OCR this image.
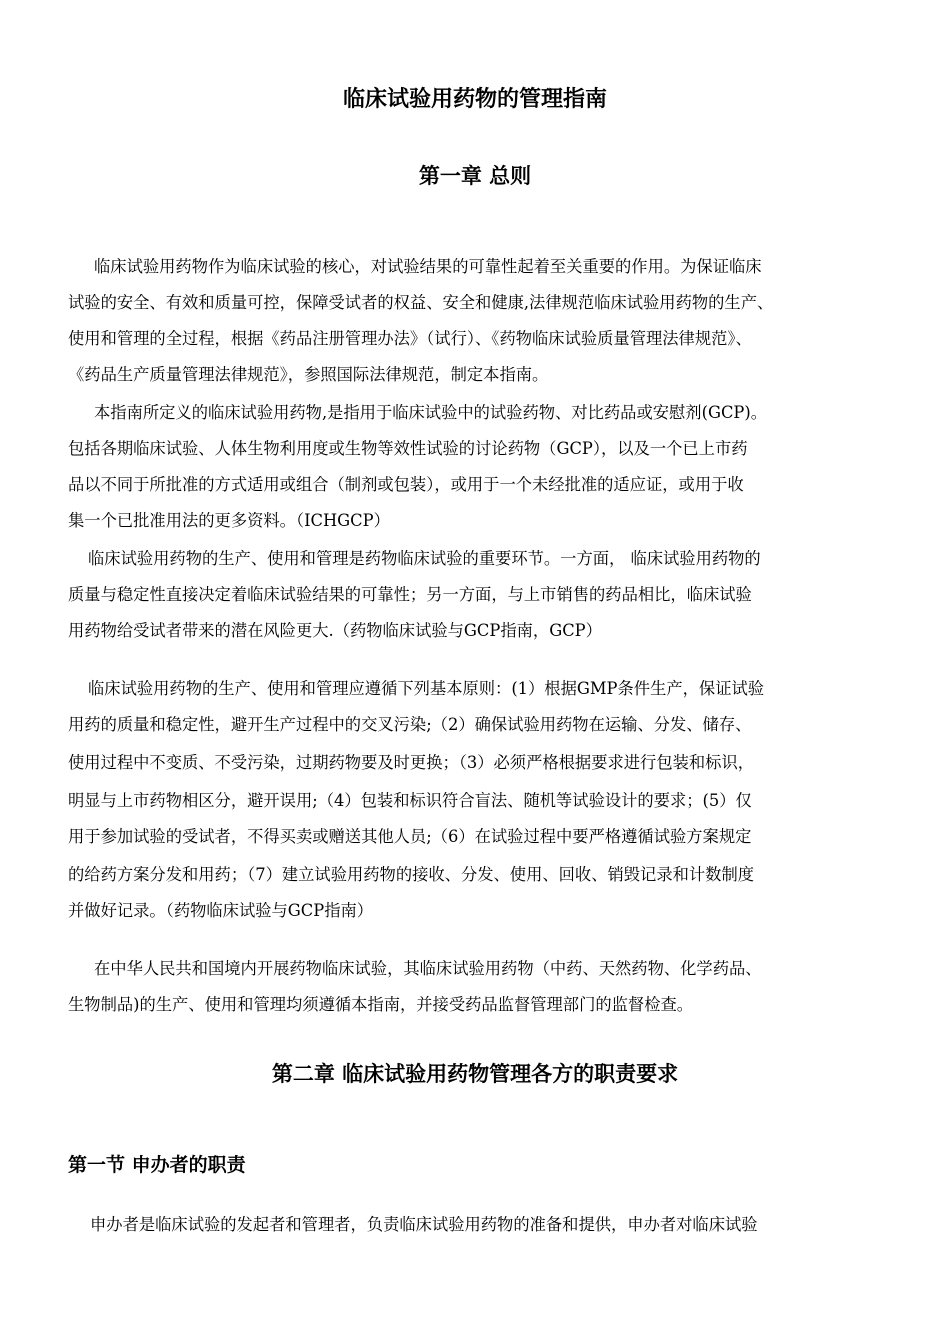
临床试验用药物的管理指南
第一章 总则
临床试验用药物作为临床试验的核心，对试验结果的可靠性起着至关重要的作用。为保证临床
试验的安全、有效和质量可控，保障受试者的权益、安全和健康,法律规范临床试验用药物的生产、
使用和管理的全过程，根据《药品注册管理办法》（试行）、《药物临床试验质量管理法律规范》、
《药品生产质量管理法律规范》，参照国际法律规范，制定本指南。
本指南所定义的临床试验用药物,是指用于临床试验中的试验药物、对比药品或安慰剂(GCP)。
包括各期临床试验、人体生物利用度或生物等效性试验的讨论药物（GCP），以及一个已上市药
品以不同于所批准的方式适用或组合（制剂或包装），或用于一个未经批准的适应证，或用于收
集一个已批准用法的更多资料。（ICHGCP）
临床试验用药物的生产、使用和管理是药物临床试验的重要环节。一方面， 临床试验用药物的
质量与稳定性直接决定着临床试验结果的可靠性；另一方面，与上市销售的药品相比，临床试验
用药物给受试者带来的潜在风险更大.（药物临床试验与GCP指南，GCP）
临床试验用药物的生产、使用和管理应遵循下列基本原则：(1）根据GMP条件生产，保证试验
用药的质量和稳定性，避开生产过程中的交叉污染;（2）确保试验用药物在运输、分发、储存、
使用过程中不变质、不受污染，过期药物要及时更换；（3）必须严格根据要求进行包装和标识，
明显与上市药物相区分，避开误用;（4）包装和标识符合盲法、随机等试验设计的要求；(5）仅
用于参加试验的受试者，不得买卖或赠送其他人员;（6）在试验过程中要严格遵循试验方案规定
的给药方案分发和用药；（7）建立试验用药物的接收、分发、使用、回收、销毁记录和计数制度
并做好记录。（药物临床试验与GCP指南）
在中华人民共和国境内开展药物临床试验，其临床试验用药物（中药、天然药物、化学药品、
生物制品)的生产、使用和管理均须遵循本指南，并接受药品监督管理部门的监督检查。
第二章 临床试验用药物管理各方的职责要求
第一节 申办者的职责
申办者是临床试验的发起者和管理者，负责临床试验用药物的准备和提供，申办者对临床试验
